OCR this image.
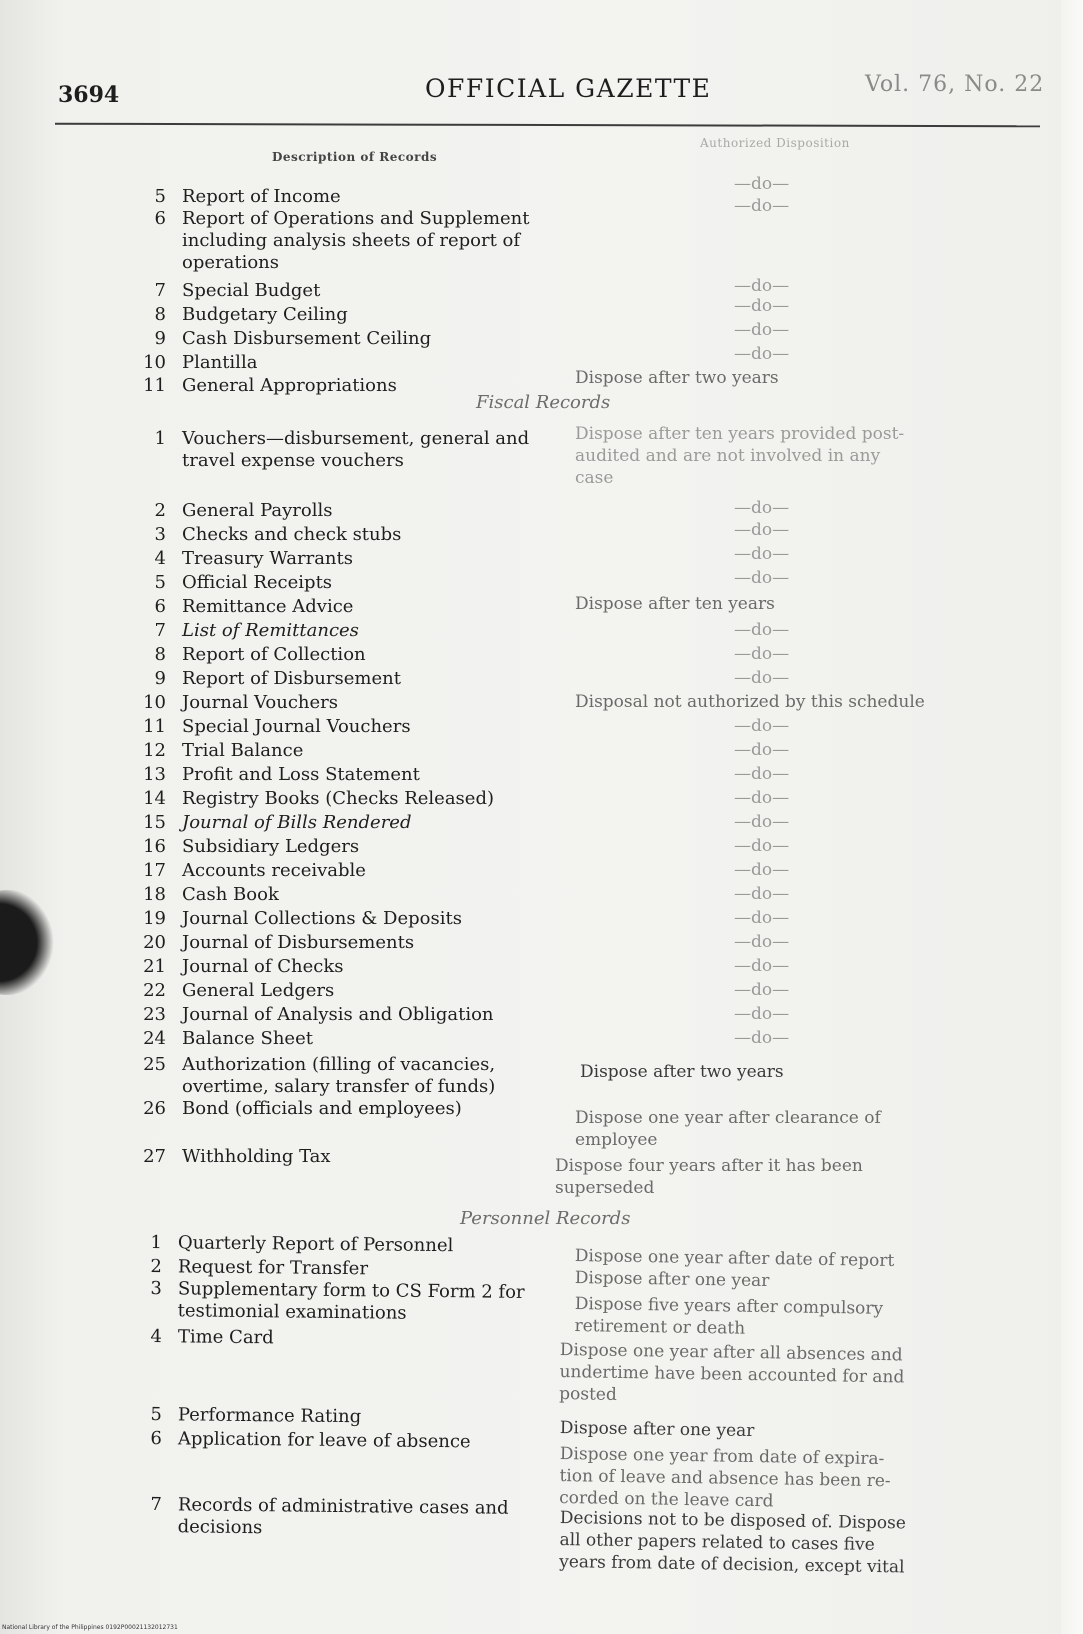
3694	OFFICIAL GAZETTE	Vol. 76, No. 22
Description of Records
Authorized Disposition
Fiscal Records
Personnel Records
5 Report of Income
6 Report of Operations and Supplement
including analysis sheets of report of
operations
7 Special Budget
8 Budgetary Ceiling
9 Cash Disbursement Ceiling
10 Plantilla
11 General Appropriations
1 Vouchers—disbursement, general and
travel expense vouchers
2 General Payrolls
3 Checks and check stubs
4 Treasury Warrants
5 Official Receipts
6 Remittance Advice
7 List of Remittances
8 Report of Collection
9 Report of Disbursement
10 Journal Vouchers
11 Special Journal Vouchers
12 Trial Balance
13 Profit and Loss Statement
14 Registry Books (Checks Released)
15 Journal of Bills Rendered
16 Subsidiary Ledgers
17 Accounts receivable
18 Cash Book
19 Journal Collections & Deposits
20 Journal of Disbursements
21 Journal of Checks
22 General Ledgers
23 Journal of Analysis and Obligation
24 Balance Sheet
25 Authorization (filling of vacancies,
overtime, salary transfer of funds)
26 Bond (officials and employees)
27 Withholding Tax
1 Quarterly Report of Personnel
2 Request for Transfer
3 Supplementary form to CS Form 2 for
testimonial examinations
4 Time Card
5 Performance Rating
6 Application for leave of absence
7 Records of administrative cases and
decisions
—do—
—do—
—do—
—do—
—do—
—do—
Dispose after two years
Dispose after ten years provided post-
audited and are not involved in any
case
—do—
—do—
—do—
—do—
Dispose after ten years
—do—
—do—
—do—
Disposal not authorized by this schedule
—do—
—do—
—do—
—do—
—do—
—do—
—do—
—do—
—do—
—do—
—do—
—do—
—do—
—do—
Dispose after two years
Dispose one year after clearance of
employee
Dispose four years after it has been
superseded
Dispose one year after date of report
Dispose after one year
Dispose five years after compulsory
retirement or death
Dispose one year after all absences and
undertime have been accounted for and
posted
Dispose after one year
Dispose one year from date of expira-
tion of leave and absence has been re-
corded on the leave card
Decisions not to be disposed of. Dispose
all other papers related to cases five
years from date of decision, except vital
National Library of the Philippines 0192P00021132012731
